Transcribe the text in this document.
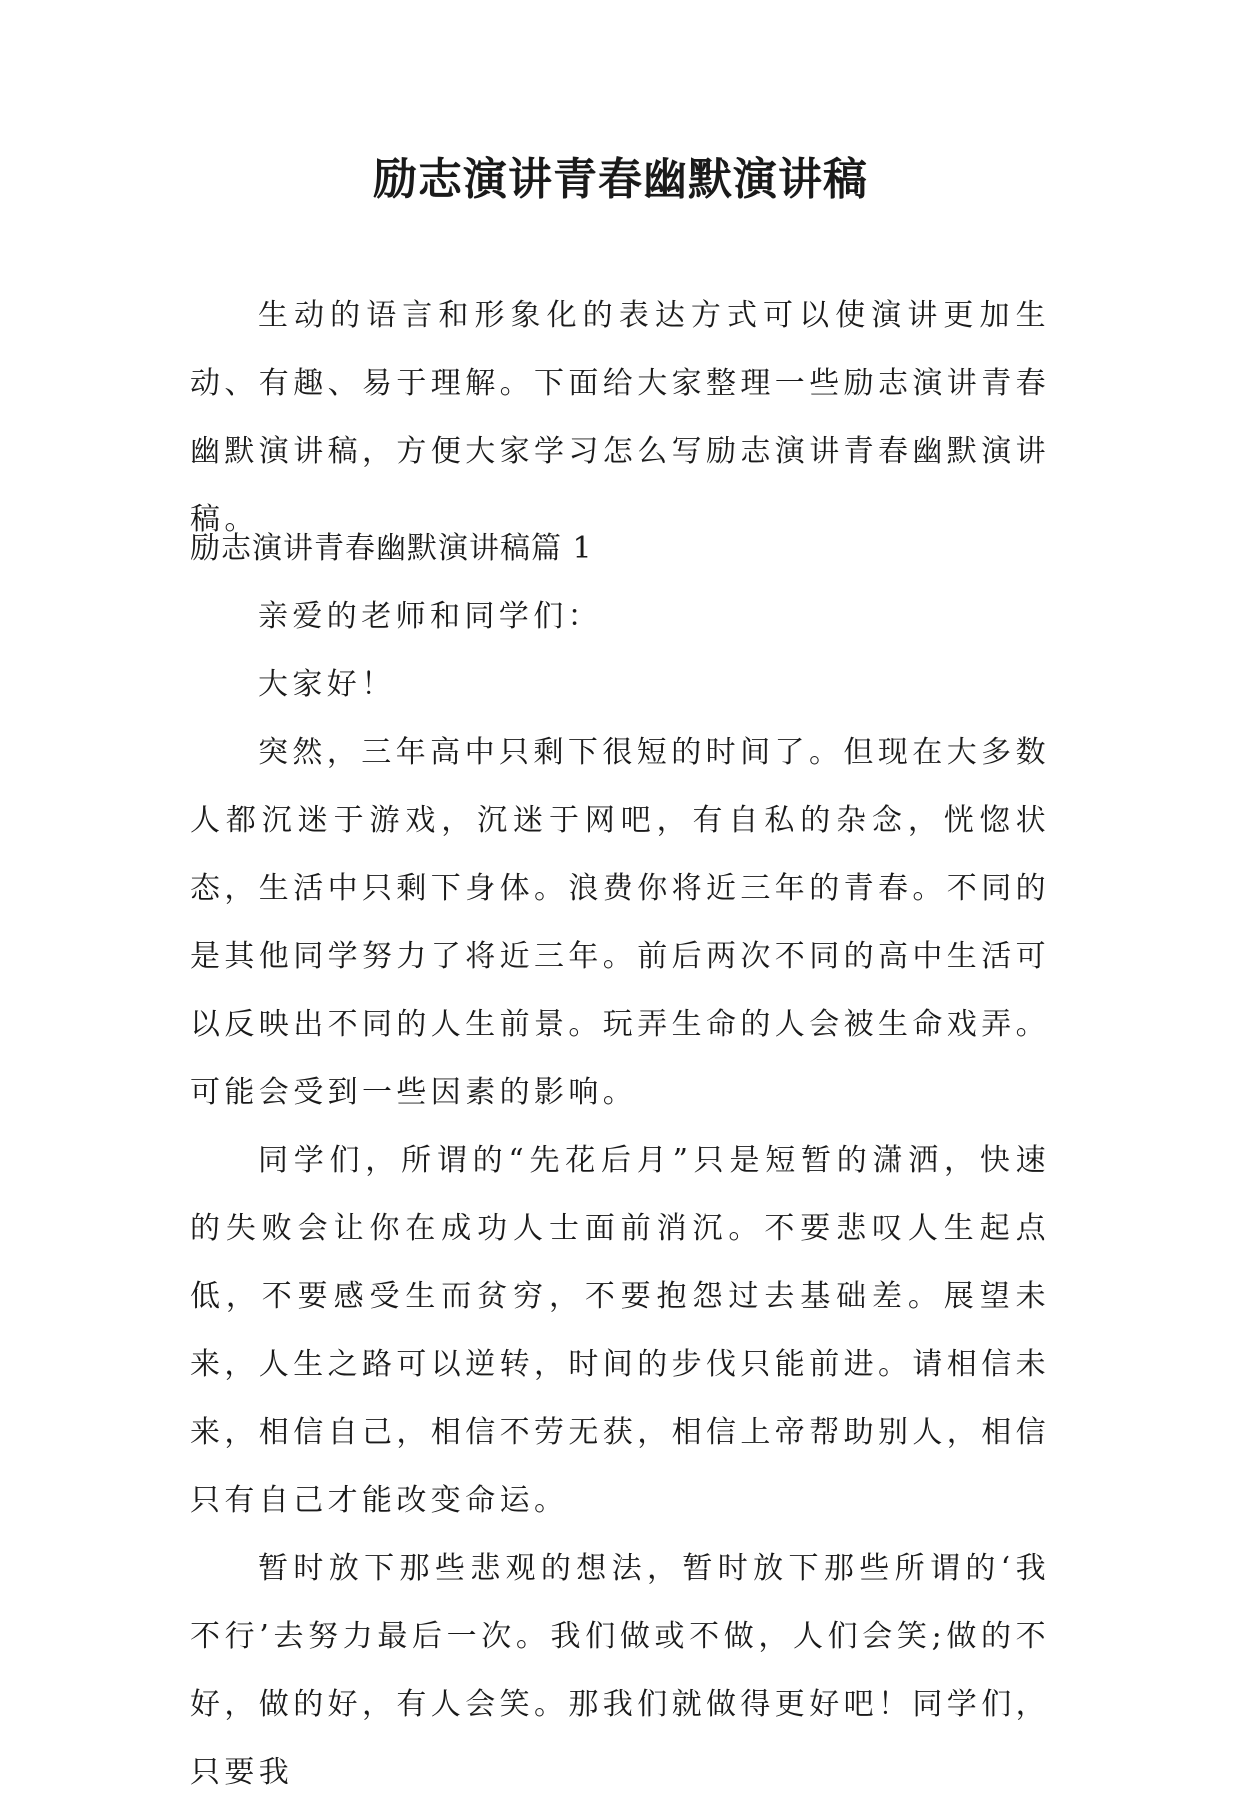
励志演讲青春幽默演讲稿

生动的语言和形象化的表达方式可以使演讲更加生动、有趣、易于理解。下面给大家整理一些励志演讲青春幽默演讲稿，方便大家学习怎么写励志演讲青春幽默演讲稿。

励志演讲青春幽默演讲稿篇 1

亲爱的老师和同学们：

大家好！

突然，三年高中只剩下很短的时间了。但现在大多数人都沉迷于游戏，沉迷于网吧，有自私的杂念，恍惚状态，生活中只剩下身体。浪费你将近三年的青春。不同的是其他同学努力了将近三年。前后两次不同的高中生活可以反映出不同的人生前景。玩弄生命的人会被生命戏弄。可能会受到一些因素的影响。

同学们，所谓的“先花后月”只是短暂的潇洒，快速的失败会让你在成功人士面前消沉。不要悲叹人生起点低，不要感受生而贫穷，不要抱怨过去基础差。展望未来，人生之路可以逆转，时间的步伐只能前进。请相信未来，相信自己，相信不劳无获，相信上帝帮助别人，相信只有自己才能改变命运。

暂时放下那些悲观的想法，暂时放下那些所谓的‘我不行’去努力最后一次。我们做或不做，人们会笑;做的不好，做的好，有人会笑。那我们就做得更好吧！同学们，只要我
